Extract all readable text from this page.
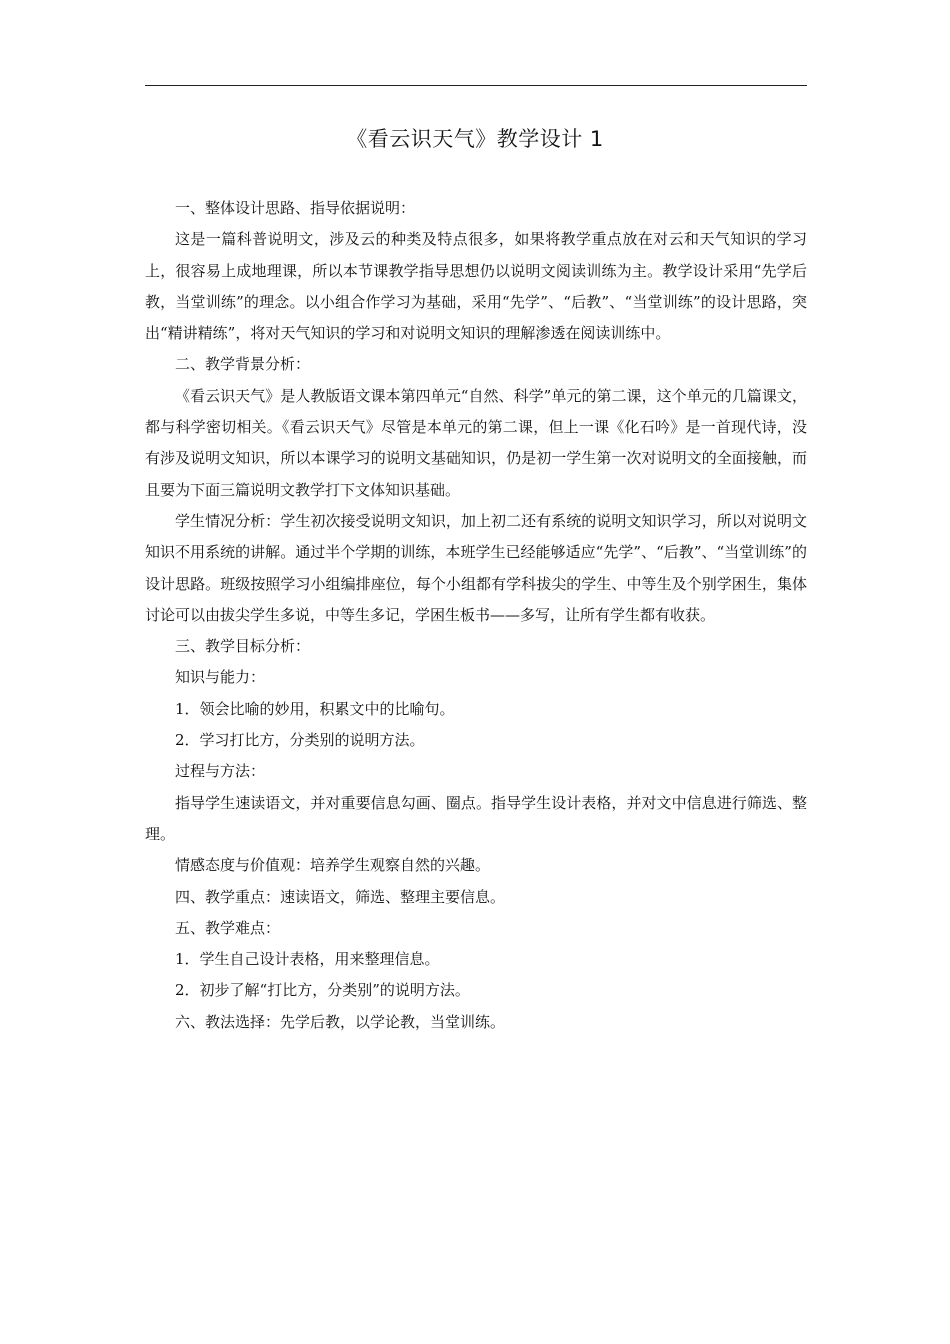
《看云识天气》教学设计 1

一、整体设计思路、指导依据说明：

这是一篇科普说明文，涉及云的种类及特点很多，如果将教学重点放在对云和天气知识的学习上，很容易上成地理课，所以本节课教学指导思想仍以说明文阅读训练为主。教学设计采用“先学后教，当堂训练”的理念。以小组合作学习为基础，采用“先学”、“后教”、“当堂训练”的设计思路，突出“精讲精练”，将对天气知识的学习和对说明文知识的理解渗透在阅读训练中。

二、教学背景分析：

《看云识天气》是人教版语文课本第四单元“自然、科学”单元的第二课，这个单元的几篇课文，都与科学密切相关。《看云识天气》尽管是本单元的第二课，但上一课《化石吟》是一首现代诗，没有涉及说明文知识，所以本课学习的说明文基础知识，仍是初一学生第一次对说明文的全面接触，而且要为下面三篇说明文教学打下文体知识基础。

学生情况分析：学生初次接受说明文知识，加上初二还有系统的说明文知识学习，所以对说明文知识不用系统的讲解。通过半个学期的训练，本班学生已经能够适应“先学”、“后教”、“当堂训练”的设计思路。班级按照学习小组编排座位，每个小组都有学科拔尖的学生、中等生及个别学困生，集体讨论可以由拔尖学生多说，中等生多记，学困生板书——多写，让所有学生都有收获。

三、教学目标分析：

知识与能力：

1．领会比喻的妙用，积累文中的比喻句。

2．学习打比方，分类别的说明方法。

过程与方法：

指导学生速读语文，并对重要信息勾画、圈点。指导学生设计表格，并对文中信息进行筛选、整理。

情感态度与价值观：培养学生观察自然的兴趣。

四、教学重点：速读语文，筛选、整理主要信息。

五、教学难点：

1．学生自己设计表格，用来整理信息。

2．初步了解“打比方，分类别”的说明方法。

六、教法选择：先学后教，以学论教，当堂训练。
